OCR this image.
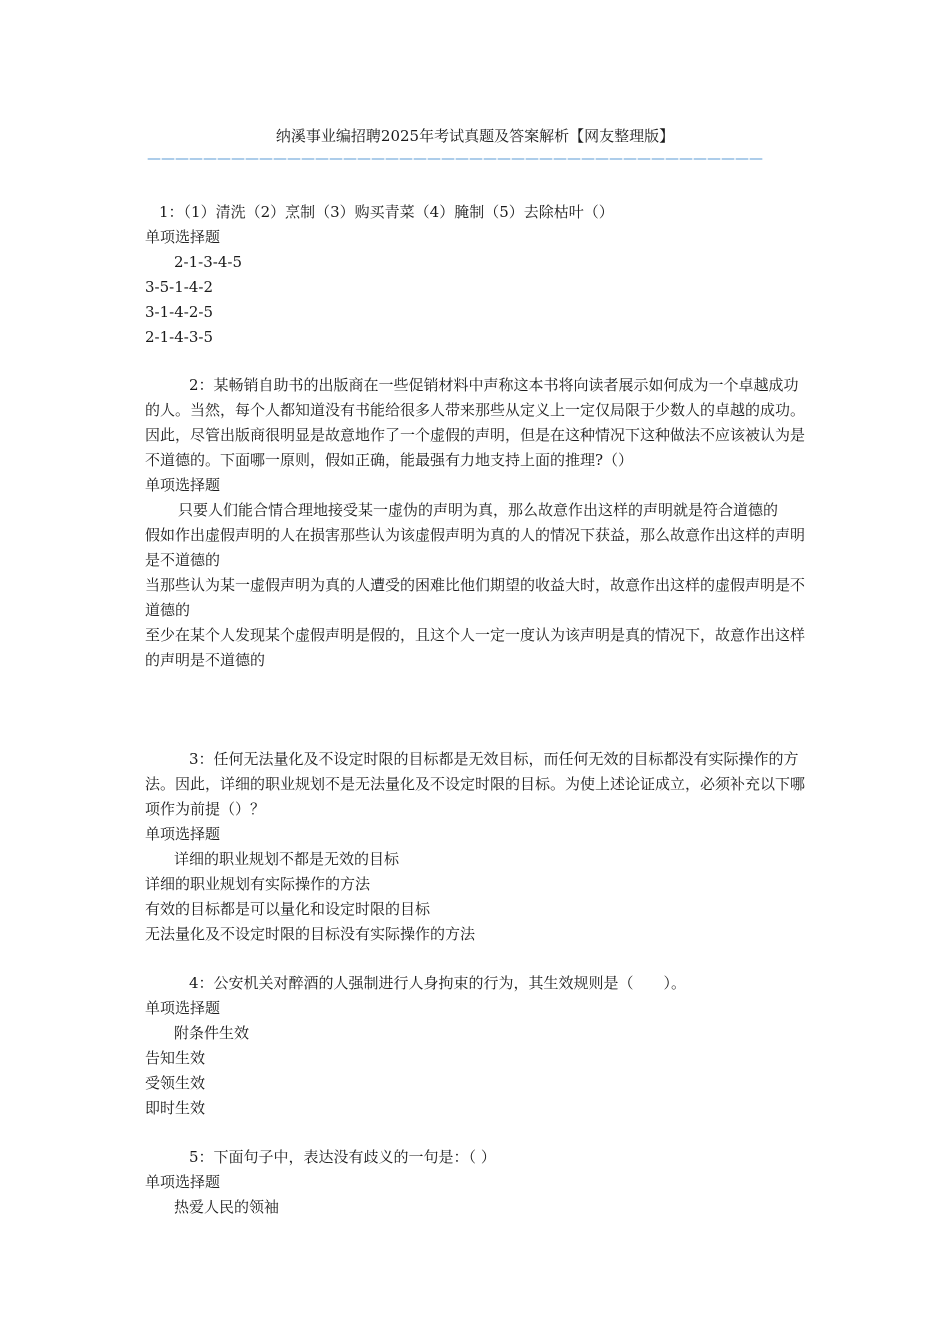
纳溪事业编招聘2025年考试真题及答案解析【网友整理版】
————————————————————————————————————————————

1：（1）清洗（2）烹制（3）购买青菜（4）腌制（5）去除枯叶（）

单项选择题

2-1-3-4-5

3-5-1-4-2

3-1-4-2-5

2-1-4-3-5

2：某畅销自助书的出版商在一些促销材料中声称这本书将向读者展示如何成为一个卓越成功的人。当然，每个人都知道没有书能给很多人带来那些从定义上一定仅局限于少数人的卓越的成功。因此，尽管出版商很明显是故意地作了一个虚假的声明，但是在这种情况下这种做法不应该被认为是不道德的。下面哪一原则，假如正确，能最强有力地支持上面的推理?（）

单项选择题

只要人们能合情合理地接受某一虚伪的声明为真，那么故意作出这样的声明就是符合道德的

假如作出虚假声明的人在损害那些认为该虚假声明为真的人的情况下获益，那么故意作出这样的声明是不道德的

当那些认为某一虚假声明为真的人遭受的困难比他们期望的收益大时，故意作出这样的虚假声明是不道德的

至少在某个人发现某个虚假声明是假的，且这个人一定一度认为该声明是真的情况下，故意作出这样的声明是不道德的

3：任何无法量化及不设定时限的目标都是无效目标，而任何无效的目标都没有实际操作的方法。因此，详细的职业规划不是无法量化及不设定时限的目标。为使上述论证成立，必须补充以下哪项作为前提（）？

单项选择题

详细的职业规划不都是无效的目标

详细的职业规划有实际操作的方法

有效的目标都是可以量化和设定时限的目标

无法量化及不设定时限的目标没有实际操作的方法

4：公安机关对醉酒的人强制进行人身拘束的行为，其生效规则是（　　）。

单项选择题

附条件生效

告知生效

受领生效

即时生效

5：下面句子中，表达没有歧义的一句是：（ ）

单项选择题

热爱人民的领袖
